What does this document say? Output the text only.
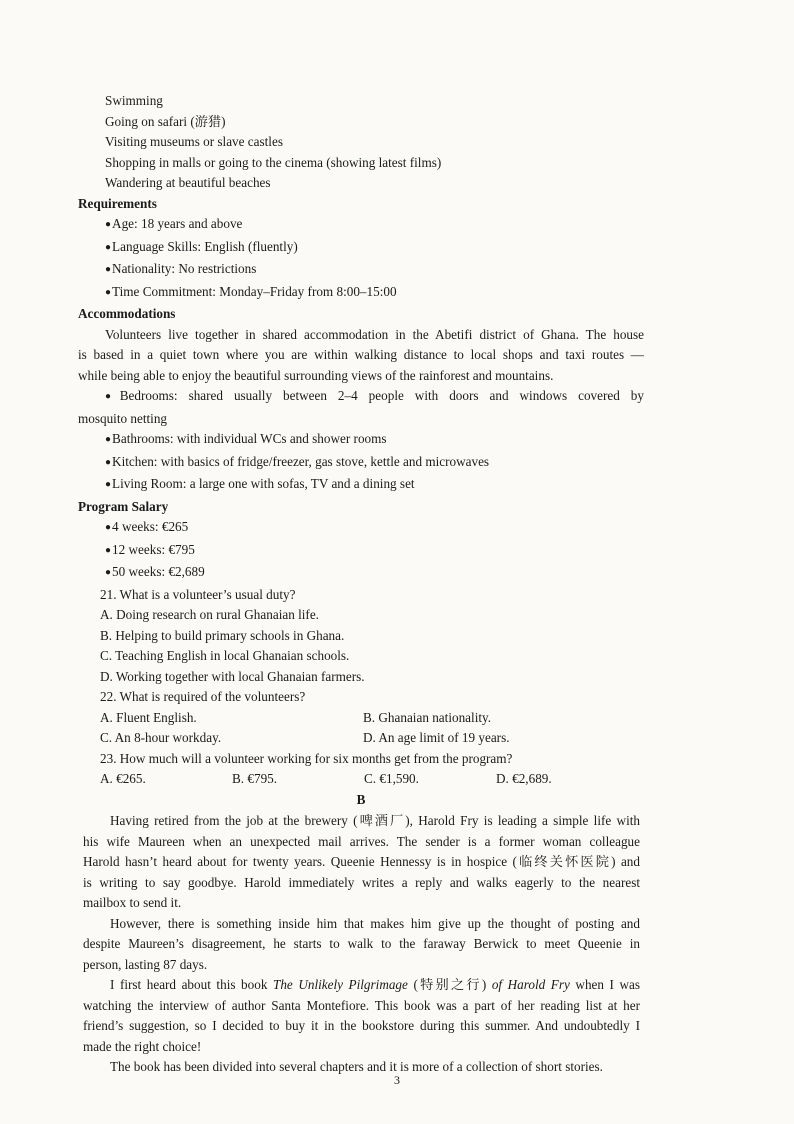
Swimming
Going on safari (游猎)
Visiting museums or slave castles
Shopping in malls or going to the cinema (showing latest films)
Wandering at beautiful beaches
Requirements
● Age: 18 years and above
● Language Skills: English (fluently)
● Nationality: No restrictions
● Time Commitment: Monday–Friday from 8:00–15:00
Accommodations
Volunteers live together in shared accommodation in the Abetifi district of Ghana. The house
is based in a quiet town where you are within walking distance to local shops and taxi routes —
while being able to enjoy the beautiful surrounding views of the rainforest and mountains.
● Bedrooms: shared usually between 2–4 people with doors and windows covered by
mosquito netting
● Bathrooms: with individual WCs and shower rooms
● Kitchen: with basics of fridge/freezer, gas stove, kettle and microwaves
● Living Room: a large one with sofas, TV and a dining set
Program Salary
● 4 weeks: €265
● 12 weeks: €795
● 50 weeks: €2,689
21. What is a volunteer’s usual duty?
A. Doing research on rural Ghanaian life.
B. Helping to build primary schools in Ghana.
C. Teaching English in local Ghanaian schools.
D. Working together with local Ghanaian farmers.
22. What is required of the volunteers?
A. Fluent English.	B. Ghanaian nationality.
C. An 8-hour workday.	D. An age limit of 19 years.
23. How much will a volunteer working for six months get from the program?
A. €265.	B. €795.	C. €1,590.	D. €2,689.
B
Having retired from the job at the brewery (啤酒厂), Harold Fry is leading a simple life with
his wife Maureen when an unexpected mail arrives. The sender is a former woman colleague
Harold hasn’t heard about for twenty years. Queenie Hennessy is in hospice (临终关怀医院) and
is writing to say goodbye. Harold immediately writes a reply and walks eagerly to the nearest
mailbox to send it.
However, there is something inside him that makes him give up the thought of posting and
despite Maureen’s disagreement, he starts to walk to the faraway Berwick to meet Queenie in
person, lasting 87 days.
I first heard about this book The Unlikely Pilgrimage (特别之行) of Harold Fry when I was
watching the interview of author Santa Montefiore. This book was a part of her reading list at her
friend’s suggestion, so I decided to buy it in the bookstore during this summer. And undoubtedly I
made the right choice!
The book has been divided into several chapters and it is more of a collection of short stories.
3
